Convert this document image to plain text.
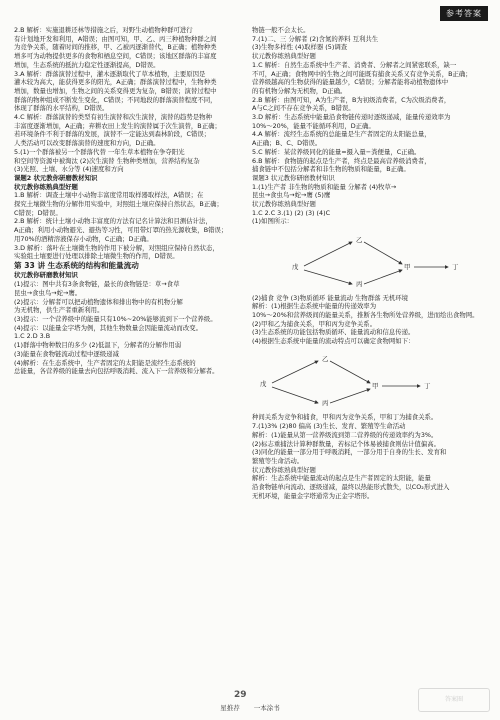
参考答案

2.B 解析：实施退耕还林等措施之后，对野生动植物种群可进行

有计划地开发和利用，A错误；由图可知，甲、乙、丙三种植物种群之间

为竞争关系，随着时间的推移，甲、乙被丙逐渐替代，B正确；植物种类

增多可为动物提供更多的食物和栖息空间，C错误；该地区群落的丰富度

增加，生态系统的抵抗力稳定性逐渐提高，D错误。

3.A 解析：群落演替过程中，灌木逐渐取代了草本植物，主要原因是

灌木较为高大，能获得更多的阳光，A正确；群落演替过程中，生物种类

增加，数量也增加，生物之间的关系变得更为复杂，B错误；演替过程中

群落的物种组成不断发生变化，C错误；不同地段的群落演替程度不同，

体现了群落的水平结构，D错误。

4.C 解析：群落演替的类型有初生演替和次生演替，演替的趋势是物种

丰富度逐渐增加，A正确；弃耕农田上发生的演替属于次生演替，B正确；

若环境条件不利于群落的发展，演替不一定能达到森林阶段，C错误；

人类活动可以改变群落演替的速度和方向，D正确。

5.(1)一个群落被另一个群落代替 一年生草本植物在争夺阳光

和空间等资源中被淘汰 (2)次生演替 生物种类增加，营养结构复杂

(3)光照、土壤、水分等 (4)速度和方向

课题2 状元教你研磨教材知识

状元教你练熟典型好题

1.B 解析：调查土壤中小动物丰富度常用取样器取样法，A错误；在

探究土壤微生物的分解作用实验中，对照组土壤应保持自然状态，B正确；

C错误；D错误。

2.B 解析：统计土壤小动物丰富度的方法有记名计算法和目测估计法，

A正确；利用小动物避光、避热等习性，可用带灯罩的热光源收集，B错误；

用70%的酒精溶液保存小动物，C正确；D正确。

3.D 解析：落叶在土壤微生物的作用下被分解，对照组应保持自然状态，

实验组土壤要进行处理以排除土壤微生物的作用，D错误。

第 33 讲 生态系统的结构和能量流动

状元教你研磨教材知识

(1)提示：图中共有3条食物链，最长的食物链是：草→食草

昆虫→食虫鸟→蛇→鹰。

(2)提示：分解者可以把动植物遗体和排出物中的有机物分解

为无机物，供生产者重新利用。

(3)提示：一个营养级中的能量只有10%~20%能够流到下一个营养级。

(4)提示：以能量金字塔为例，其他生物数量会因能量流动而改变。

1.C 2.D 3.B

(1)群落中物种数目的多少 (2)低温下，分解者的分解作用弱

(3)能量在食物链流动过程中逐级递减

(4)解析：在生态系统中，生产者固定的太阳能是流经生态系统的

总能量，各营养级的能量去向包括呼吸消耗、流入下一营养级和分解者。

物链一般不会太长。

7.(1)二、三 分解者 (2)含氮的养料 互利共生

(3)生物多样性 (4)取样器 (5)调查

状元教你练熟典型好题

1.C 解析：自然生态系统中生产者、消费者、分解者之间紧密联系，缺一

不可，A正确；食物网中的生物之间可能既有捕食关系又有竞争关系，B正确；

营养级越高的生物获得的能量越少，C错误；分解者能将动植物遗体中

的有机物分解为无机物，D正确。

2.B 解析：由图可知，A为生产者，B为初级消费者，C为次级消费者，

A与C之间不存在竞争关系，B错误。

3.D 解析：生态系统中能量沿食物链传递时逐级递减，能量传递效率为

10%～20%，能量不能循环利用，D正确。

4.A 解析：流经生态系统的总能量是生产者固定的太阳能总量，

A正确；B、C、D错误。

5.C 解析：某营养级同化的能量=摄入量−粪便量，C正确。

6.B 解析：食物链的起点是生产者，终点是最高营养级消费者，

捕食链中不包括分解者和非生物的物质和能量，B正确。

课题3 状元教你研磨教材知识

1.(1)生产者 非生物的物质和能量 分解者 (4)牧草→

昆虫→食虫鸟→蛇→鹰 (5)鹰

状元教你练熟典型好题

1.C 2.C 3.(1) (2) (3) (4)C

(1)如图所示：

乙
甲	丁
丙
戊

(2)捕食 竞争 (3)物质循环 能量流动 生物群落 无机环境

解析：(1)根据生态系统中能量的传递效率为

10%～20%和营养级间的能量关系，推断各生物所处营养级，进而绘出食物网。

(2)甲和乙为捕食关系，甲和丙为竞争关系。

(3)生态系统的功能包括物质循环、能量流动和信息传递。

(4)根据生态系统中能量的流动特点可以确定食物网如下：

戊
乙
甲	丁
丙

种间关系为竞争和捕食，甲和丙为竞争关系，甲和丁为捕食关系。

7.(1)3% (2)80 偏高 (3)生长、发育、繁殖等生命活动

解析：(1)能量从第一营养级流到第二营养级的传递效率约为3%。

(2)标志重捕法计算种群数量，若标记个体易被捕食则估计值偏高。

(3)同化的能量一部分用于呼吸消耗，一部分用于自身的生长、发育和

繁殖等生命活动。

状元教你练熟典型好题

解析：生态系统中能量流动的起点是生产者固定的太阳能，能量

沿食物链单向流动、逐级递减，最终以热能形式散失，以CO₂形式进入

无机环境，能量金字塔通常为正金字塔形。

29
星推荐 一本涂书
答案圈
